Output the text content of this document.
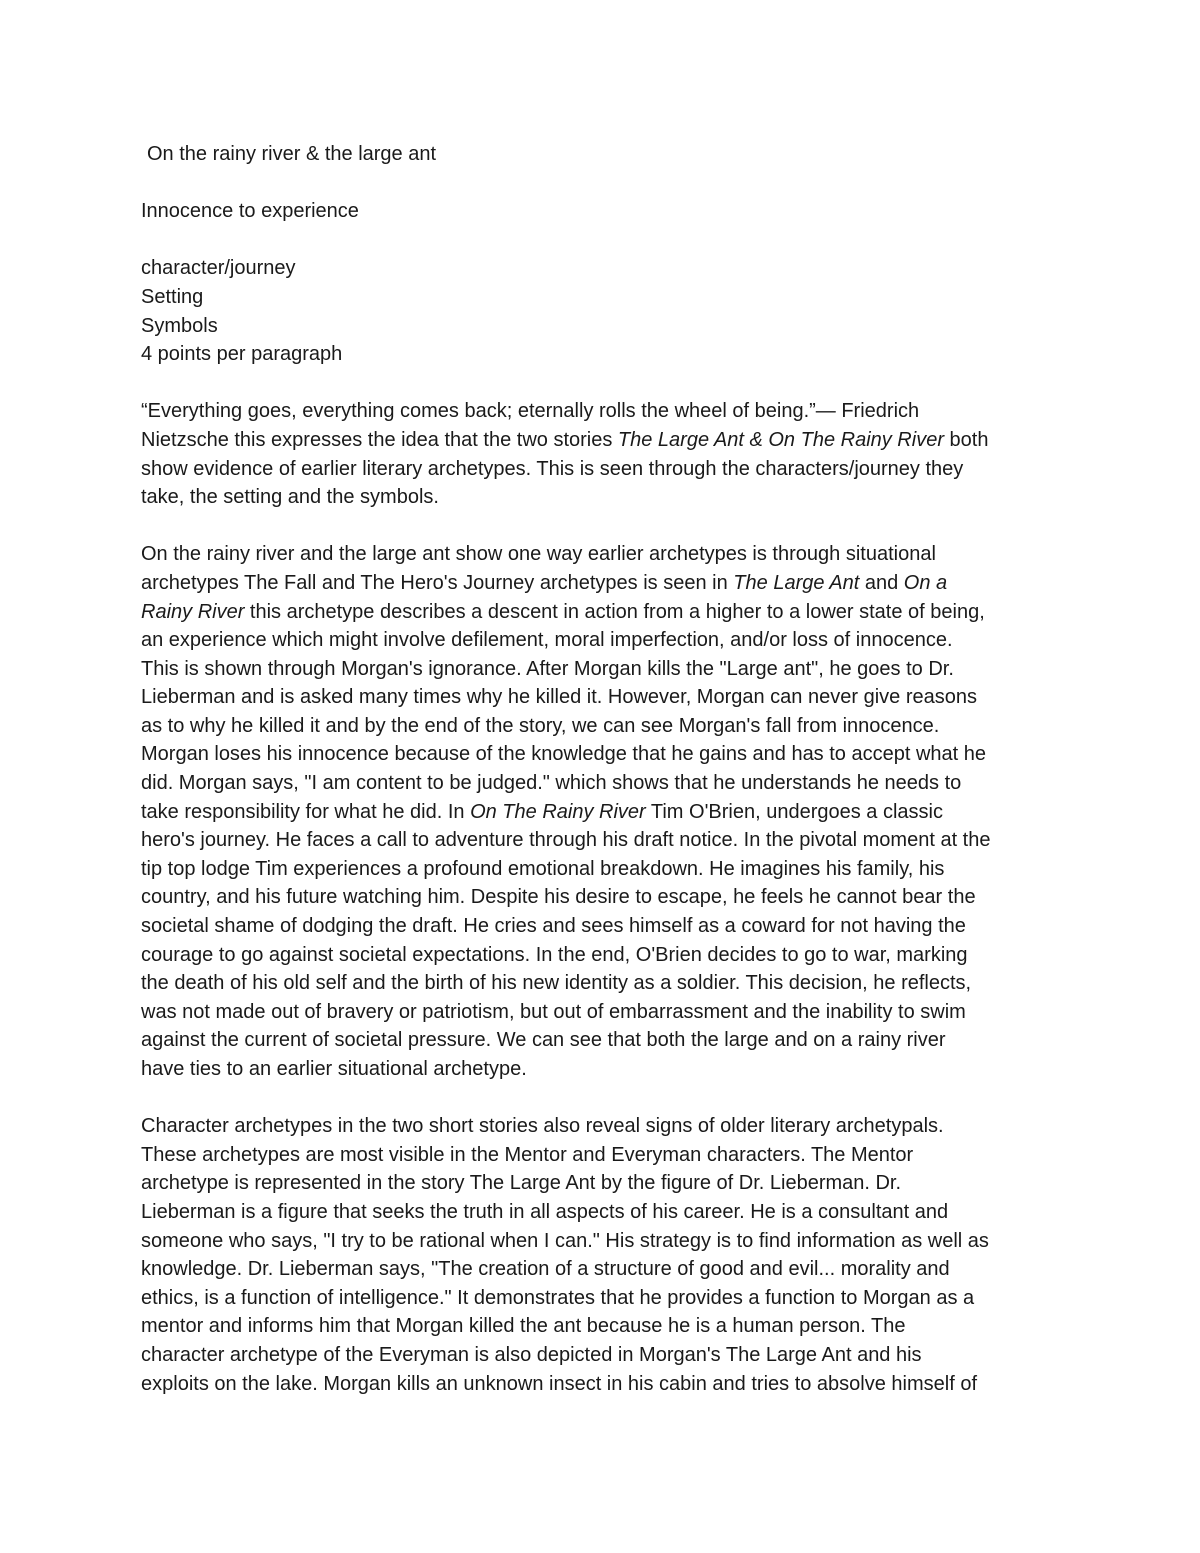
On the rainy river & the large ant
Innocence to experience
character/journey
Setting
Symbols
4 points per paragraph
“Everything goes, everything comes back; eternally rolls the wheel of being.”— Friedrich
Nietzsche this expresses the idea that the two stories The Large Ant & On The Rainy River both
show evidence of earlier literary archetypes. This is seen through the characters/journey they
take, the setting and the symbols.
On the rainy river and the large ant show one way earlier archetypes is through situational
archetypes The Fall and The Hero's Journey archetypes is seen in The Large Ant and On a
Rainy River this archetype describes a descent in action from a higher to a lower state of being,
an experience which might involve defilement, moral imperfection, and/or loss of innocence.
This is shown through Morgan's ignorance. After Morgan kills the "Large ant", he goes to Dr.
Lieberman and is asked many times why he killed it. However, Morgan can never give reasons
as to why he killed it and by the end of the story, we can see Morgan's fall from innocence.
Morgan loses his innocence because of the knowledge that he gains and has to accept what he
did. Morgan says, "I am content to be judged." which shows that he understands he needs to
take responsibility for what he did. In On The Rainy River Tim O'Brien, undergoes a classic
hero's journey. He faces a call to adventure through his draft notice. In the pivotal moment at the
tip top lodge Tim experiences a profound emotional breakdown. He imagines his family, his
country, and his future watching him. Despite his desire to escape, he feels he cannot bear the
societal shame of dodging the draft. He cries and sees himself as a coward for not having the
courage to go against societal expectations. In the end, O'Brien decides to go to war, marking
the death of his old self and the birth of his new identity as a soldier. This decision, he reflects,
was not made out of bravery or patriotism, but out of embarrassment and the inability to swim
against the current of societal pressure. We can see that both the large and on a rainy river
have ties to an earlier situational archetype.
Character archetypes in the two short stories also reveal signs of older literary archetypals.
These archetypes are most visible in the Mentor and Everyman characters. The Mentor
archetype is represented in the story The Large Ant by the figure of Dr. Lieberman. Dr.
Lieberman is a figure that seeks the truth in all aspects of his career. He is a consultant and
someone who says, "I try to be rational when I can." His strategy is to find information as well as
knowledge. Dr. Lieberman says, "The creation of a structure of good and evil... morality and
ethics, is a function of intelligence." It demonstrates that he provides a function to Morgan as a
mentor and informs him that Morgan killed the ant because he is a human person. The
character archetype of the Everyman is also depicted in Morgan's The Large Ant and his
exploits on the lake. Morgan kills an unknown insect in his cabin and tries to absolve himself of
